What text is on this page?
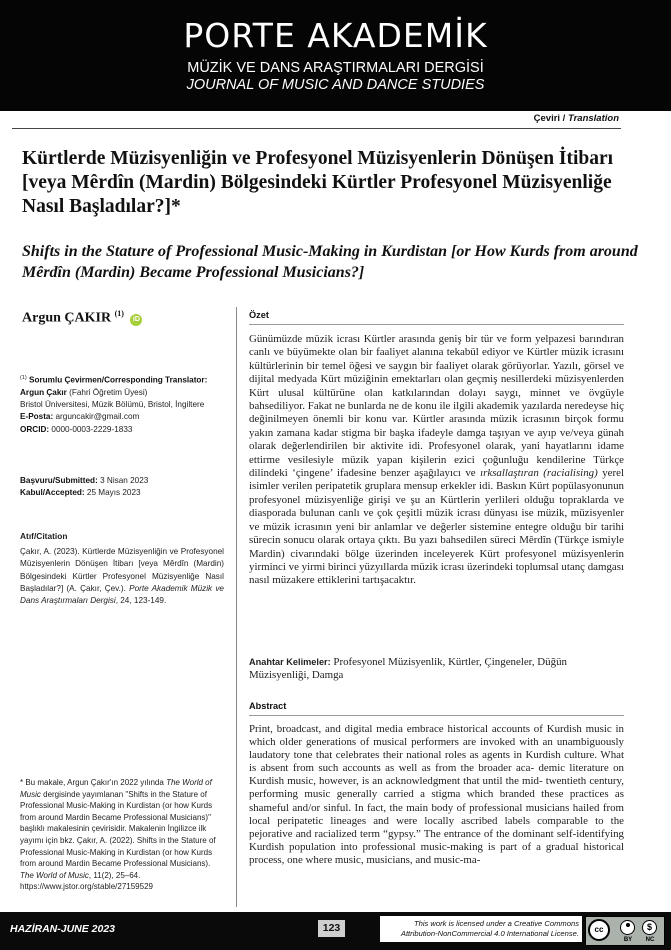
PORTE AKADEMİK
MÜZİK VE DANS ARAŞTIRMALARI DERGİSİ
JOURNAL OF MUSIC AND DANCE STUDIES
Çeviri / Translation
Kürtlerde Müzisyenliğin ve Profesyonel Müzisyenlerin Dönüşen İtibarı [veya Mêrdîn (Mardin) Bölgesindeki Kürtler Profesyonel Müzisyenliğe Nasıl Başladılar?]*
Shifts in the Stature of Professional Music-Making in Kurdistan [or How Kurds from around Mêrdîn (Mardin) Became Professional Musicians?]
Argun ÇAKIR $^{(1)}$ iD
$^{(1)}$ Sorumlu Çevirmen/Corresponding Translator:
Argun Çakır (Fahri Öğretim Üyesi)
Bristol Üniversitesi, Müzik Bölümü, Bristol, İngiltere
E-Posta: arguncakir@gmail.com
ORCID: 0000-0003-2229-1833
Başvuru/Submitted: 3 Nisan 2023
Kabul/Accepted: 25 Mayıs 2023
Atıf/Citation
Çakır, A. (2023). Kürtlerde Müzisyenliğin ve Profesyonel Müzisyenlerin Dönüşen İtibarı [veya Mêrdîn (Mardin) Bölgesindeki Kürtler Profesyonel Müzisyenliğe Nasıl Başladılar?] (A. Çakır, Çev.). Porte Akademik Müzik ve Dans Araştırmaları Dergisi, 24, 123-149.
* Bu makale, Argun Çakır'ın 2022 yılında The World of Music dergisinde yayımlanan "Shifts in the Stature of Professional Music-Making in Kurdistan (or how Kurds from around Mardin Became Professional Musicians)" başlıklı makalesinin çevirisidir. Makalenin İngilizce ilk yayımı için bkz. Çakır, A. (2022). Shifts in the Stature of Professional Music-Making in Kurdistan (or how Kurds from around Mardin Became Professional Musicians). The World of Music, 11(2), 25–64. https://www.jstor.org/stable/27159529
Özet
Günümüzde müzik icrası Kürtler arasında geniş bir tür ve form yelpazesi barındıran canlı ve büyümekte olan bir faaliyet alanına tekabül ediyor ve Kürtler müzik icrasını kültürlerinin bir temel öğesi ve saygın bir faaliyet olarak görüyorlar. Yazılı, görsel ve dijital medyada Kürt müziğinin emektarları olan geçmiş nesillerdeki müzisyenlerden Kürt ulusal kültürüne olan katkılarından dolayı saygı, minnet ve övgüyle bahsediliyor. Fakat ne bunlarda ne de konu ile ilgili akademik yazılarda neredeyse hiç değinilmeyen önemli bir konu var. Kürtler arasında müzik icrasının birçok formu yakın zamana kadar stigma bir başka ifadeyle damga taşıyan ve ayıp ve/veya günah olarak değerlendirilen bir aktivite idi. Profesyonel olarak, yani hayatlarını idame ettirme vesilesiyle müzik yapan kişilerin ezici çoğunluğu kendilerine Türkçe dilindeki ‘çingene’ ifadesine benzer aşağılayıcı ve ırksallaştıran (racialising) yerel isimler verilen peripatetik gruplara mensup erkekler idi. Baskın Kürt popülasyonunun profesyonel müzisyenliğe girişi ve şu an Kürtlerin yerlileri olduğu topraklarda ve diasporada bulunan canlı ve çok çeşitli müzik icrası dünyası ise müzik, müzisyenler ve müzik icrasının yeni bir anlamlar ve değerler sistemine entegre olduğu bir tarihi sürecin sonucu olarak ortaya çıktı. Bu yazı bahsedilen süreci Mêrdîn (Türkçe ismiyle Mardin) civarındaki bölge üzerinden inceleyerek Kürt profesyonel müzisyenlerin yirminci ve yirmi birinci yüzyıllarda müzik icrası üzerindeki toplumsal utanç damgası nasıl müzakere ettiklerini tartışacaktır.
Anahtar Kelimeler: Profesyonel Müzisyenlik, Kürtler, Çingeneler, Düğün Müzisyenliği, Damga
Abstract
Print, broadcast, and digital media embrace historical accounts of Kurdish music in which older generations of musical performers are invoked with an unambiguously laudatory tone that celebrates their national roles as agents in Kurdish culture. What is absent from such accounts as well as from the broader aca- demic literature on Kurdish music, however, is an acknowledgment that until the mid- twentieth century, performing music generally carried a stigma which branded these practices as shameful and/or sinful. In fact, the main body of professional musicians hailed from local peripatetic lineages and were locally ascribed labels comparable to the pejorative and racialized term “gypsy.” The entrance of the dominant self-identifying Kurdish population into professional music-making is part of a gradual historical process, one where music, musicians, and music-ma-
HAZİRAN-JUNE 2023	123	This work is licensed under a Creative Commons
Attribution-NonCommercial 4.0 International License.	cc
$
BY	NC
